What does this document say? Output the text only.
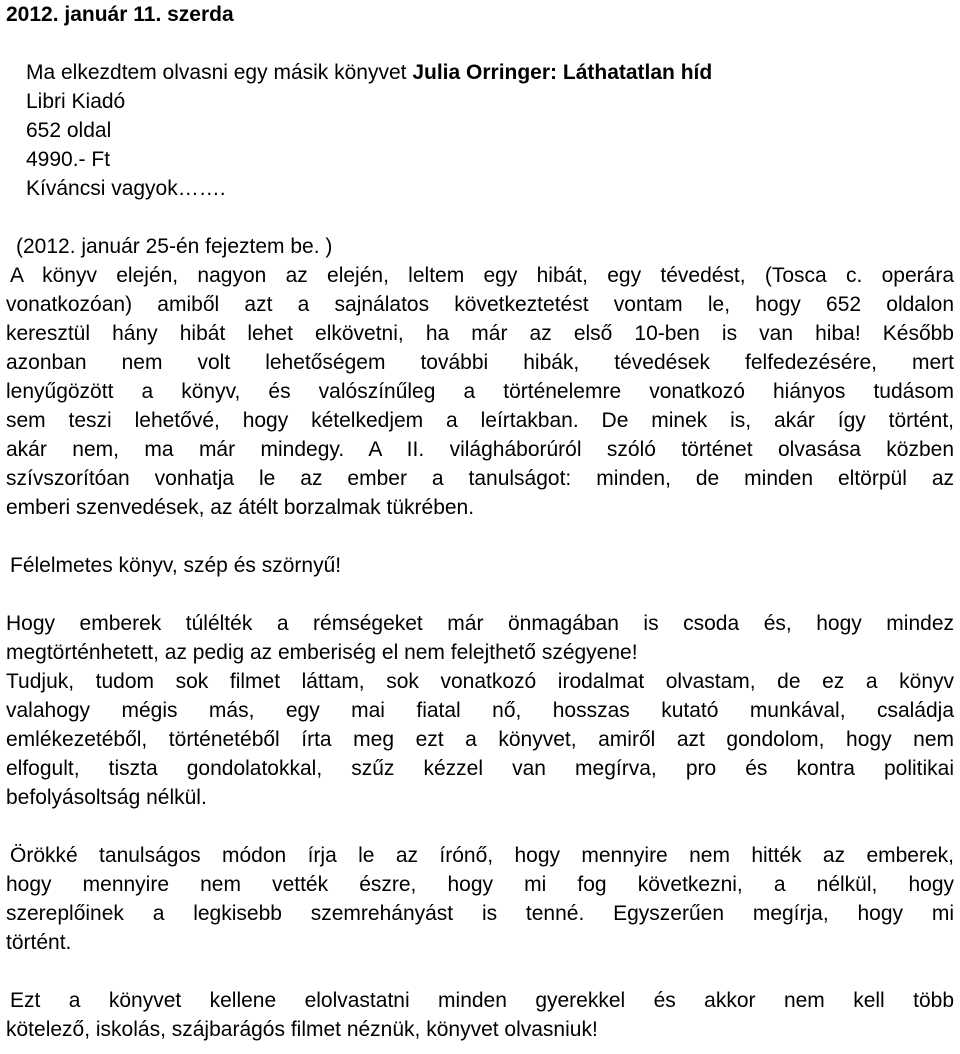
2012. január 11. szerda
Ma elkezdtem olvasni egy másik könyvet Julia Orringer: Láthatatlan híd
Libri Kiadó
652 oldal
4990.- Ft
Kíváncsi vagyok…….
(2012. január 25-én fejeztem be. )
A könyv elején, nagyon az elején, leltem egy hibát, egy tévedést, (Tosca c. operára
vonatkozóan) amiből azt a sajnálatos következtetést vontam le, hogy 652 oldalon
keresztül hány hibát lehet elkövetni, ha már az első 10-ben is van hiba! Később
azonban nem volt lehetőségem további hibák, tévedések felfedezésére, mert
lenyűgözött a könyv, és valószínűleg a történelemre vonatkozó hiányos tudásom
sem teszi lehetővé, hogy kételkedjem a leírtakban. De minek is, akár így történt,
akár nem, ma már mindegy. A II. világháborúról szóló történet olvasása közben
szívszorítóan vonhatja le az ember a tanulságot: minden, de minden eltörpül az
emberi szenvedések, az átélt borzalmak tükrében.
Félelmetes könyv, szép és szörnyű!
Hogy emberek túlélték a rémségeket már önmagában is csoda és, hogy mindez
megtörténhetett, az pedig az emberiség el nem felejthető szégyene!
Tudjuk, tudom sok filmet láttam, sok vonatkozó irodalmat olvastam, de ez a könyv
valahogy mégis más, egy mai fiatal nő, hosszas kutató munkával, családja
emlékezetéből, történetéből írta meg ezt a könyvet, amiről azt gondolom, hogy nem
elfogult, tiszta gondolatokkal, szűz kézzel van megírva, pro és kontra politikai
befolyásoltság nélkül.
Örökké tanulságos módon írja le az írónő, hogy mennyire nem hitték az emberek,
hogy mennyire nem vették észre, hogy mi fog következni, a nélkül, hogy
szereplőinek a legkisebb szemrehányást is tenné. Egyszerűen megírja, hogy mi
történt.
Ezt a könyvet kellene elolvastatni minden gyerekkel és akkor nem kell több
kötelező, iskolás, szájbarágós filmet néznük, könyvet olvasniuk!
